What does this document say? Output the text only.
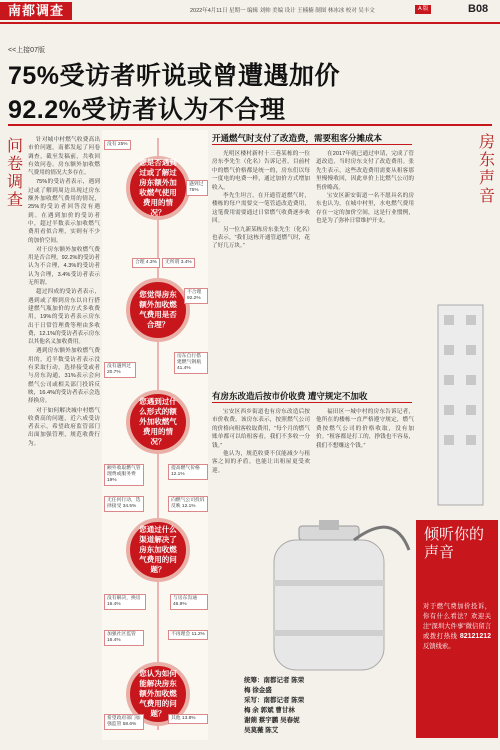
南都调查	2022年4月11日 星期一 编辑 刘帅 美编 设计 王楠楠 制图 林冰冰 校对 吴丰文	A 版	B08
<<上接07版
75%受访者听说或曾遭遇加价
92.2%受访者认为不合理
问卷调查
房东声音

针对城中村燃气收费高出市价问题，南都发起了问卷调查，截至发稿前，共收回有效问卷。房东额外加收燃气费用的情况大多存在。

75%的受访者表示，遇到过或了解到周边出现过房东额外加收燃气费用的情况，25%的受访者回答没有遇到。在遇到加价的受访者中，超过半数表示加收燃气费用看似合理，实则有不少的加价空间。

对于房东额外加收燃气费用是否合理，92.2%的受访者认为不合理，4.3%的受访者认为合理，3.4%受访者表示无所谓。

超过四成的受访者表示，遇到或了解到房东以自行搭建燃气瓶加价的方式多收费用，19%的受访者表示房东出于日常管理费等理由多收费，12.1%的受访者表示房东以其他名义加收费用。

遇到房东额外加收燃气费用的，近半数受访者表示没有采取行动，选择接受或者与房东沟通，31%表示会向燃气公司或相关部门投诉反映，16.4%的受访者表示会选择换房。

对于如何解决城中村燃气收费高的问题，近六成受访者表示，希望政府监管部门出面加强管理，规范收费行为。

您是否遇到过或了解过房东额外加收燃气使用费用的情况？
没有 25%
遇到过 75%
您觉得房东额外加收燃气费用是否合理？
合理 4.3%	无所谓 3.4%
不合理 92.2%
您遇到过什么形式的额外加收燃气费用的情况？
没有遇到过 20.7%
房东自行搭建燃气钢瓶 41.4%
额外收取燃气管理费或服务费 19%
提高燃气价格 12.1%
您通过什么渠道解决了房东加收燃气费用的问题？
无任何行动，选择接受 34.5%
向燃气公司投诉反映 12.1%
没有解决，换房 16.4%
与房东沟通 46.9%
您认为如何能解决房东额外加收燃气费用的问题？
加强社区监管 16.4%
不再理会 11.2%
希望政府部门加强监管 58.6%
其他 13.8%
开通燃气时支付了改造费，需要租客分摊成本

光明区楼村新村十三巷某栋的一位房东李先生（化名）告诉记者，目前村中的燃气价格都是统一的，房东们以每一度电的电费一样，通过加价方式增加收入。

李先生坦言，在开通管道燃气时，楼栋的每户需要交一笔管道改造费用，这笔费用需要通过日常燃气收费逐步收回。

另一位九新某栋房东张先生（化名）也表示，“我们这栋开通管道燃气时，花了好几万块。”

在2017年就已通过申请，完成了管道改造，当时房东支付了改造费用。张先生表示，这些改造费用需要从租客那里慢慢收回，因此单价上比燃气公司的售价略高。

宝安区新安街道一名不愿具名的房东也认为，在城中村里，水电燃气费用存在一定的加价空间，这是行业惯例，也是为了弥补日常维护开支。

有房东改造后按市价收费 遭守规定不加收

宝安区西乡街道也有房东改造后按市价收费。该房东表示，按照燃气公司的价格向租客收取费用，“每个月的燃气账单都可以给租客看，我们不多收一分钱。”

他认为，规范收费不仅能减少与租客之间的矛盾，也能让出租屋更受欢迎。

福田区一城中村的房东告诉记者，他所在的楼栋一直严格遵守规定，燃气费按燃气公司的价格收取，没有加价。“租客都是打工的，挣钱也不容易，我们不想赚这个钱。”

统筹：南都记者 陈荣
梅 徐金盛
采写：南都记者 陈荣
梅 余 郭斌 曹甘林
谢蒴 蔡宇鹏 吴春妮
吴莫薇 陈艾
倾听你的声音
对于燃气费加价投诉，你有什么看法？欢迎关注“深圳大件事”微信留言或拨打热线 82121212 反馈线索。
